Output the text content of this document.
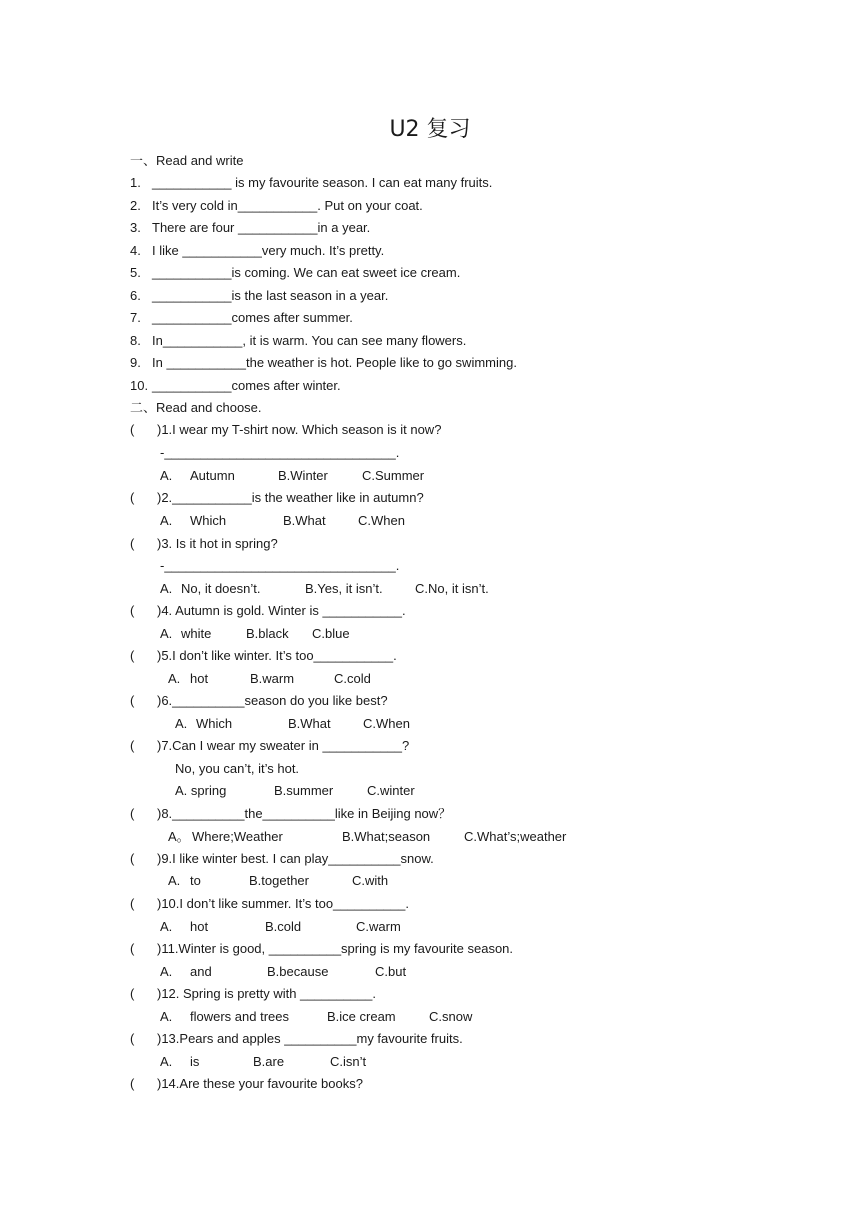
U2 复习
一、Read and write
1. ___________ is my favourite season. I can eat many fruits.
2. It’s very cold in___________. Put on your coat.
3. There are four ___________in a year.
4. I like ___________very much. It’s pretty.
5. ___________is coming. We can eat sweet ice cream.
6. ___________is the last season in a year.
7. ___________comes after summer.
8. In___________, it is warm. You can see many flowers.
9. In ___________the weather is hot. People like to go swimming.
10. ___________comes after winter.
二、Read and choose.
( )1.I wear my T-shirt now. Which season is it now?
-________________________________.
A. Autumn	B.Winter	C.Summer
( )2.___________is the weather like in autumn?
A. Which	B.What C.When
( )3. Is it hot in spring?
-________________________________.
A. No, it doesn’t.	B.Yes, it isn’t. C.No, it isn’t.
( )4. Autumn is gold. Winter is ___________.
A. white	B.black C.blue
( )5.I don’t like winter. It’s too___________.
A. hot	B.warm	C.cold
( )6.__________season do you like best?
A. Which	B.What C.When
( )7.Can I wear my sweater in ___________?
No, you can’t, it’s hot.
A. spring	B.summer	C.winter
( )8.__________the__________like in Beijing now？
A。 Where;Weather	B.What;season	C.What’s;weather
( )9.I like winter best. I can play__________snow.
A. to	B.together	C.with
( )10.I don’t like summer. It’s too__________.
A. hot	B.cold	C.warm
( )11.Winter is good, __________spring is my favourite season.
A. and	B.because	C.but
( )12. Spring is pretty with __________.
A. flowers and trees	B.ice cream	C.snow
( )13.Pears and apples __________my favourite fruits.
A. is	B.are	C.isn’t
( )14.Are these your favourite books?
